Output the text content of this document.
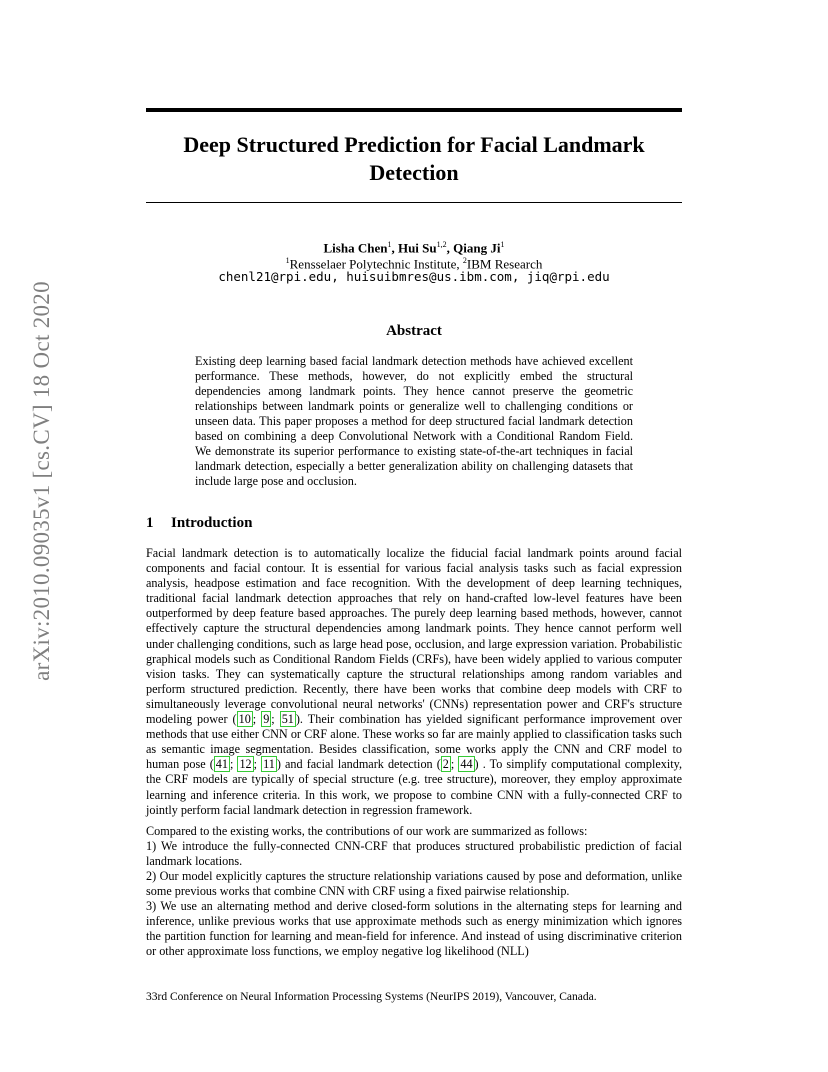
arXiv:2010.09035v1 [cs.CV] 18 Oct 2020
Deep Structured Prediction for Facial Landmark Detection
Lisha Chen$^1$, Hui Su$^{1,2}$, Qiang Ji$^1$
$^1$Rensselaer Polytechnic Institute, $^2$IBM Research
chenl21@rpi.edu, huisuibmres@us.ibm.com, jiq@rpi.edu
Abstract
Existing deep learning based facial landmark detection methods have achieved excellent performance. These methods, however, do not explicitly embed the structural dependencies among landmark points. They hence cannot preserve the geometric relationships between landmark points or generalize well to challenging conditions or unseen data. This paper proposes a method for deep structured facial landmark detection based on combining a deep Convolutional Network with a Conditional Random Field. We demonstrate its superior performance to existing state-of-the-art techniques in facial landmark detection, especially a better generalization ability on challenging datasets that include large pose and occlusion.
1 Introduction

Facial landmark detection is to automatically localize the fiducial facial landmark points around facial components and facial contour. It is essential for various facial analysis tasks such as facial expression analysis, headpose estimation and face recognition. With the development of deep learning techniques, traditional facial landmark detection approaches that rely on hand-crafted low-level features have been outperformed by deep feature based approaches. The purely deep learning based methods, however, cannot effectively capture the structural dependencies among landmark points. They hence cannot perform well under challenging conditions, such as large head pose, occlusion, and large expression variation. Probabilistic graphical models such as Conditional Random Fields (CRFs), have been widely applied to various computer vision tasks. They can systematically capture the structural relationships among random variables and perform structured prediction. Recently, there have been works that combine deep models with CRF to simultaneously leverage convolutional neural networks' (CNNs) representation power and CRF's structure modeling power ( 10 ; 9 ; 51 ). Their combination has yielded significant performance improvement over methods that use either CNN or CRF alone. These works so far are mainly applied to classification tasks such as semantic image segmentation. Besides classification, some works apply the CNN and CRF model to human pose ( 41 ; 12 ; 11 ) and facial landmark detection ( 2 ; 44 ) . To simplify computational complexity, the CRF models are typically of special structure (e.g. tree structure), moreover, they employ approximate learning and inference criteria. In this work, we propose to combine CNN with a fully-connected CRF to jointly perform facial landmark detection in regression framework.

Compared to the existing works, the contributions of our work are summarized as follows:
1) We introduce the fully-connected CNN-CRF that produces structured probabilistic prediction of facial landmark locations.
2) Our model explicitly captures the structure relationship variations caused by pose and deformation, unlike some previous works that combine CNN with CRF using a fixed pairwise relationship.
3) We use an alternating method and derive closed-form solutions in the alternating steps for learning and inference, unlike previous works that use approximate methods such as energy minimization which ignores the partition function for learning and mean-field for inference. And instead of using discriminative criterion or other approximate loss functions, we employ negative log likelihood (NLL)

33rd Conference on Neural Information Processing Systems (NeurIPS 2019), Vancouver, Canada.
